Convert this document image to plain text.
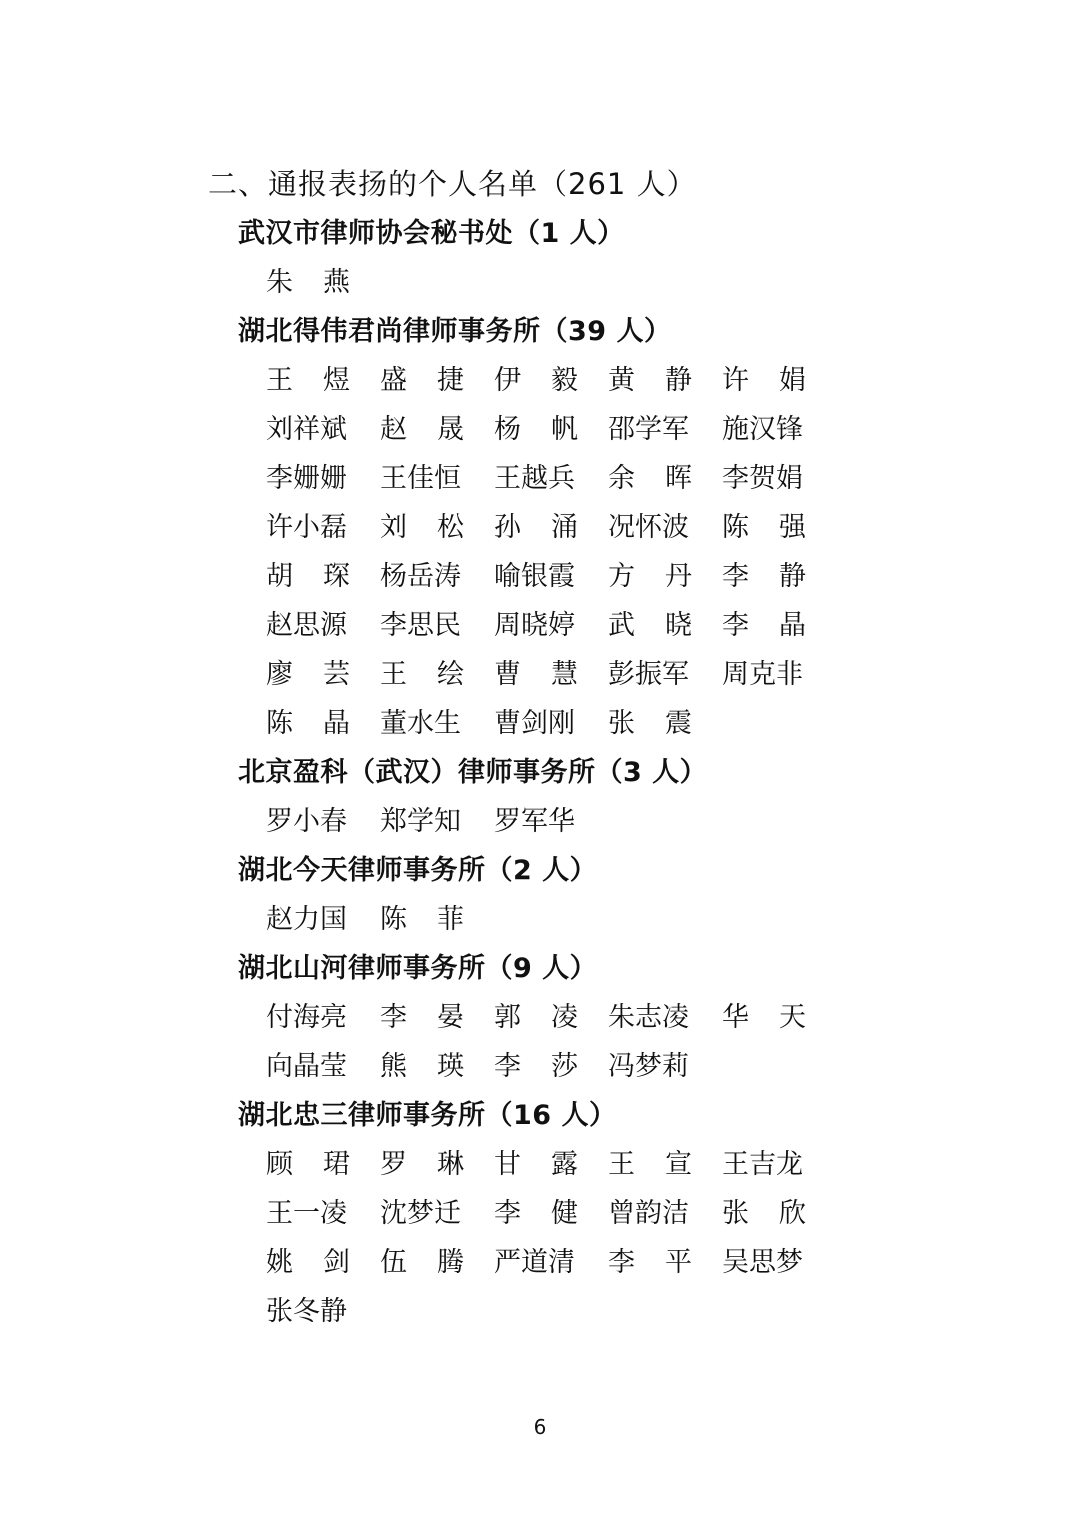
二、通报表扬的个人名单（261 人）
武汉市律师协会秘书处（1 人）
朱燕
湖北得伟君尚律师事务所（39 人）
王煜 盛捷 伊毅 黄静 许娟
刘祥斌	赵晟 杨帆 邵学军	施汉锋
李姗姗	王佳恒	王越兵	余晖 李贺娟
许小磊	刘松 孙涌 况怀波	陈强
胡琛 杨岳涛	喻银霞	方丹 李静
赵思源	李思民	周晓婷	武晓 李晶
廖芸 王绘 曹慧 彭振军	周克非
陈晶 董水生	曹剑刚	张震
北京盈科（武汉）律师事务所（3 人）
罗小春	郑学知	罗军华
湖北今天律师事务所（2 人）
赵力国	陈菲
湖北山河律师事务所（9 人）
付海亮	李晏 郭凌 朱志凌	华天
向晶莹	熊瑛 李莎 冯梦莉
湖北忠三律师事务所（16 人）
顾珺 罗琳 甘露 王宣 王吉龙
王一凌	沈梦迁	李健 曾韵洁	张欣
姚剑 伍腾 严道清	李平 吴思梦
张冬静
6
